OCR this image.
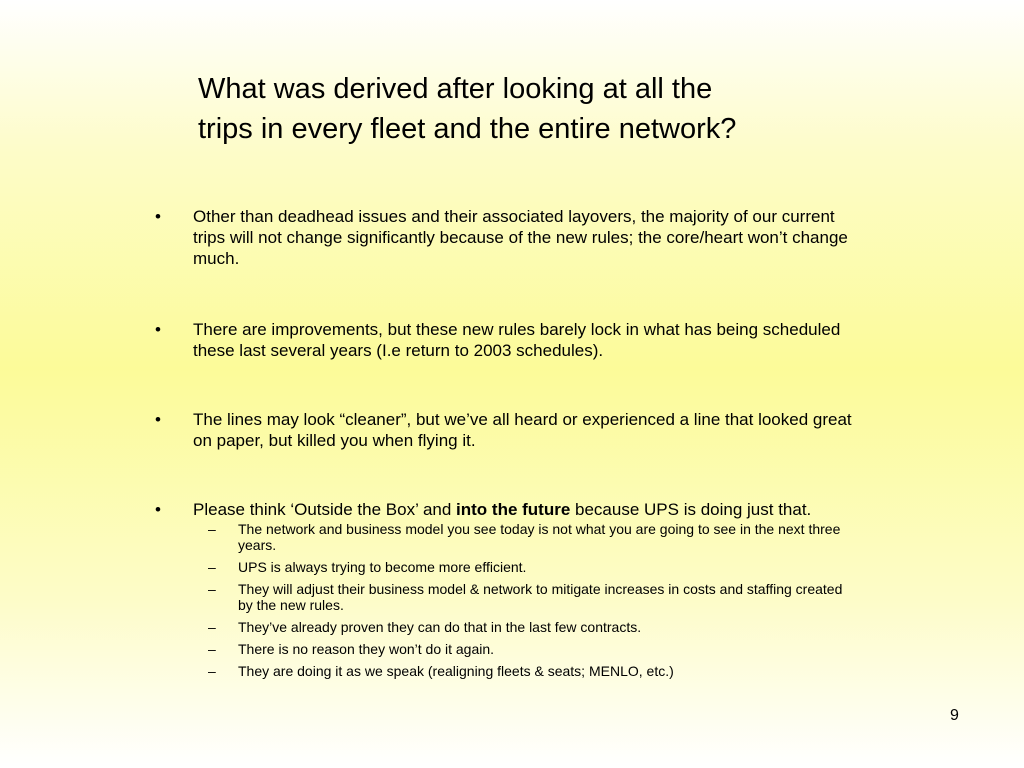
What was derived after looking at all the
trips in every fleet and the entire network?
• Other than deadhead issues and their associated layovers, the majority of our current trips will not change significantly because of the new rules; the core/heart won’t change much.
• There are improvements, but these new rules barely lock in what has being scheduled these last several years (I.e return to 2003 schedules).
• The lines may look “cleaner”, but we’ve all heard or experienced a line that looked great on paper, but killed you when flying it.
• Please think ‘Outside the Box’ and into the future because UPS is doing just that.
– The network and business model you see today is not what you are going to see in the next three years.
– UPS is always trying to become more efficient.
– They will adjust their business model & network to mitigate increases in costs and staffing created by the new rules.
– They’ve already proven they can do that in the last few contracts.
– There is no reason they won’t do it again.
– They are doing it as we speak (realigning fleets & seats; MENLO, etc.)
9
